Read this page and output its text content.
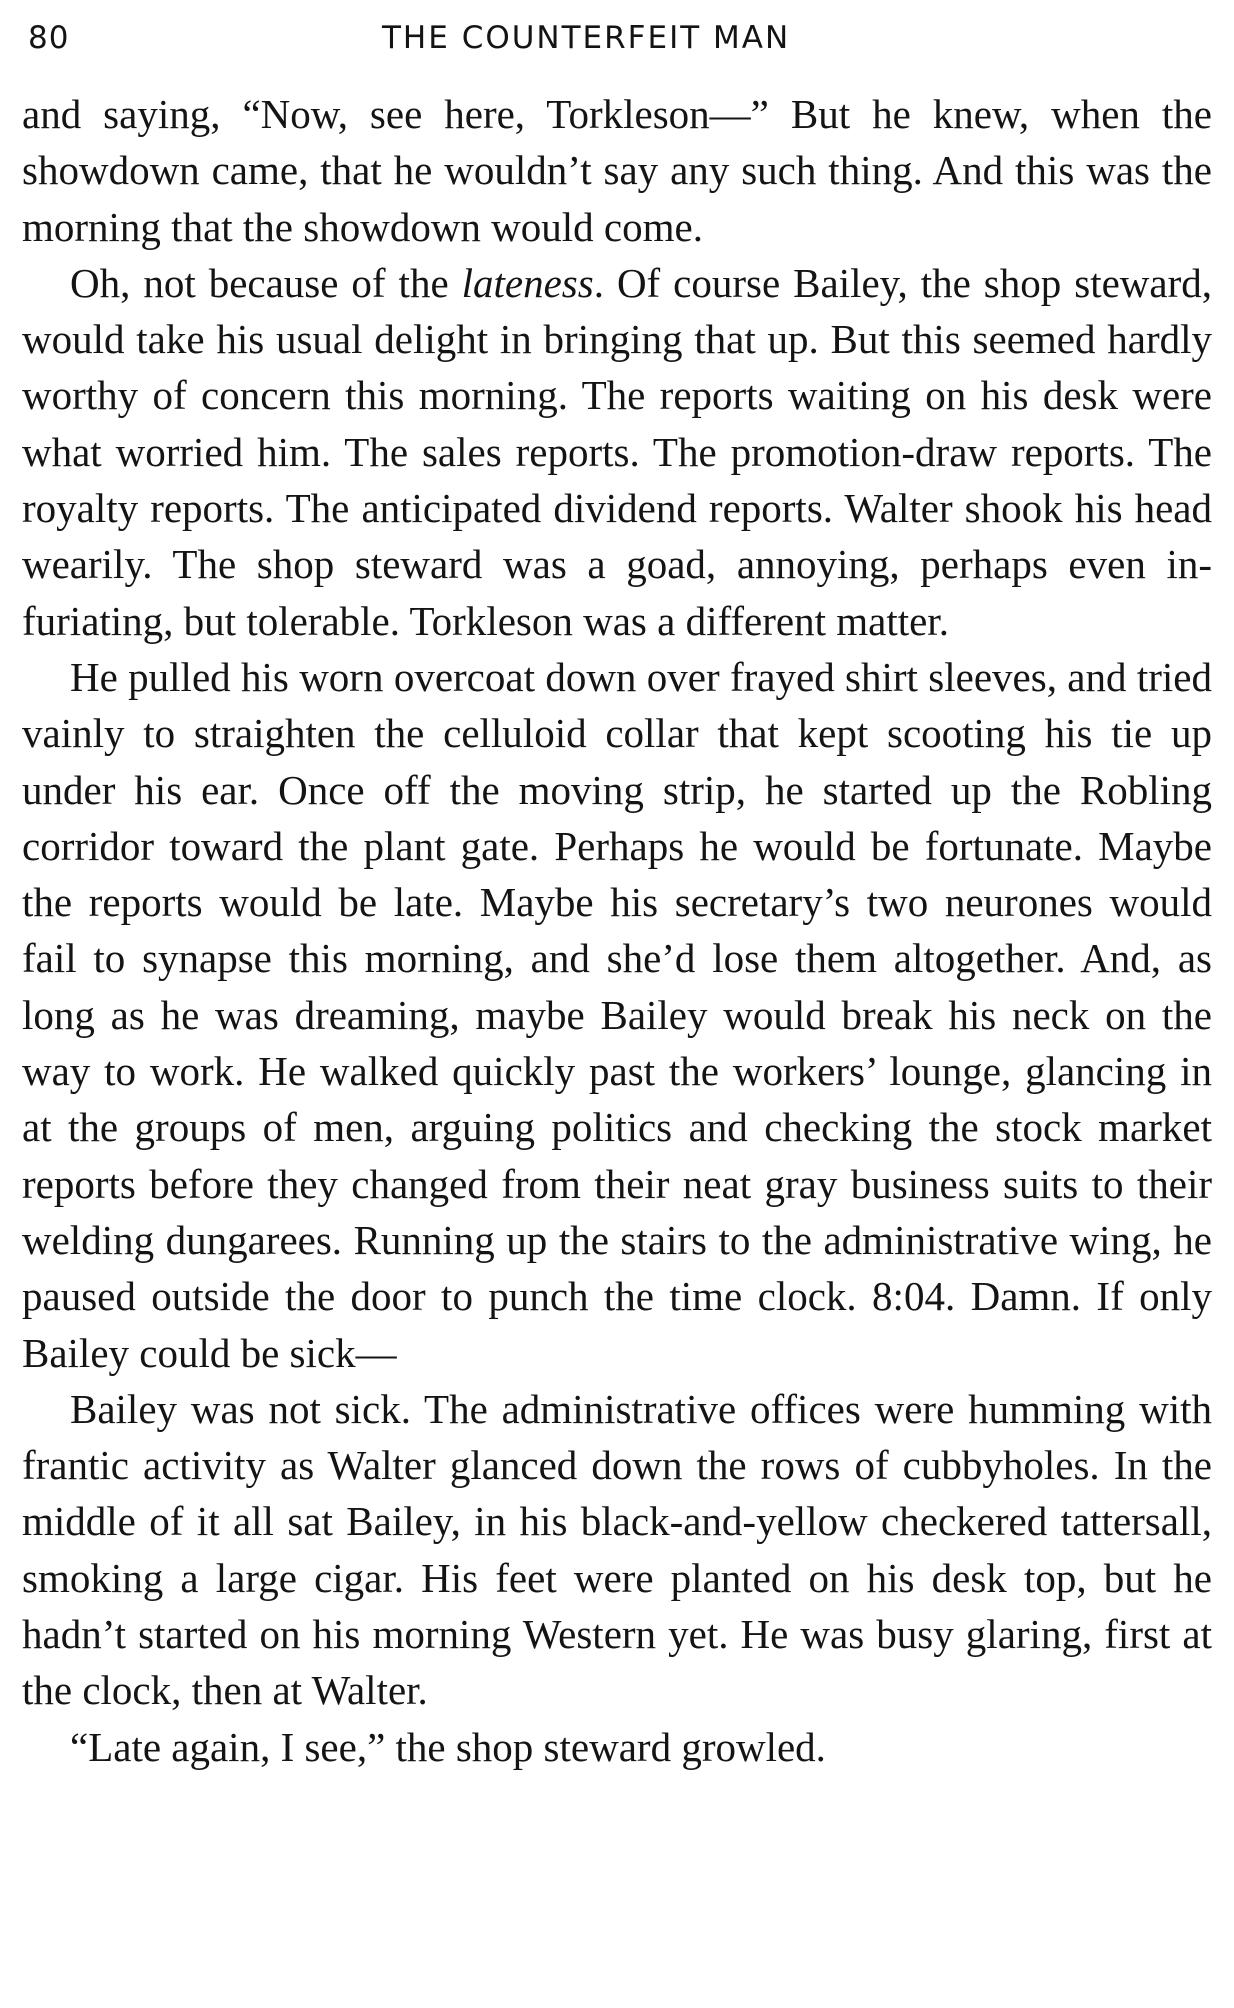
80	THE COUNTERFEIT MAN

and saying, “Now, see here, Torkleson—” But he knew, when the showdown came, that he wouldn’t say any such thing. And this was the morning that the showdown would come.

Oh, not because of the lateness. Of course Bailey, the shop steward, would take his usual delight in bringing that up. But this seemed hardly worthy of concern this morning. The reports waiting on his desk were what worried him. The sales reports. The promotion-draw reports. The royalty reports. The anticipated dividend reports. Walter shook his head wearily. The shop steward was a goad, annoying, perhaps even infuriating, but tolerable. Torkleson was a different matter.

He pulled his worn overcoat down over frayed shirt sleeves, and tried vainly to straighten the celluloid collar that kept scooting his tie up under his ear. Once off the moving strip, he started up the Robling corridor toward the plant gate. Perhaps he would be fortunate. Maybe the reports would be late. Maybe his secretary’s two neurones would fail to synapse this morning, and she’d lose them altogether. And, as long as he was dreaming, maybe Bailey would break his neck on the way to work. He walked quickly past the workers’ lounge, glancing in at the groups of men, arguing politics and checking the stock market reports before they changed from their neat gray business suits to their welding dungarees. Running up the stairs to the administrative wing, he paused outside the door to punch the time clock. 8:04. Damn. If only Bailey could be sick—

Bailey was not sick. The administrative offices were humming with frantic activity as Walter glanced down the rows of cubbyholes. In the middle of it all sat Bailey, in his black-and-yellow checkered tattersall, smoking a large cigar. His feet were planted on his desk top, but he hadn’t started on his morning Western yet. He was busy glaring, first at the clock, then at Walter.

“Late again, I see,” the shop steward growled.
